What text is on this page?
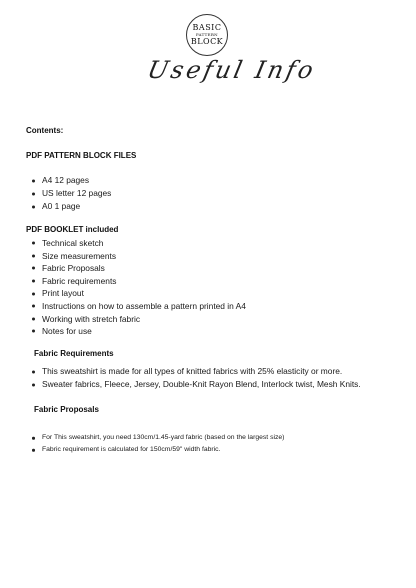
BASIC
PATTERN
BLOCK
Useful Info
Contents:
PDF PATTERN BLOCK FILES
A4 12 pages
US letter 12 pages
A0 1 page
PDF BOOKLET included
Technical sketch
Size measurements
Fabric Proposals
Fabric requirements
Print layout
Instructions on how to assemble a pattern printed in A4
Working with stretch fabric
Notes for use
Fabric Requirements
This sweatshirt is made for all types of knitted fabrics with 25% elasticity or more.
Sweater fabrics, Fleece, Jersey, Double-Knit Rayon Blend, Interlock twist, Mesh Knits.
Fabric Proposals
For This sweatshirt, you need 130cm/1.45-yard fabric (based on the largest size)
Fabric requirement is calculated for 150cm/59" width fabric.
